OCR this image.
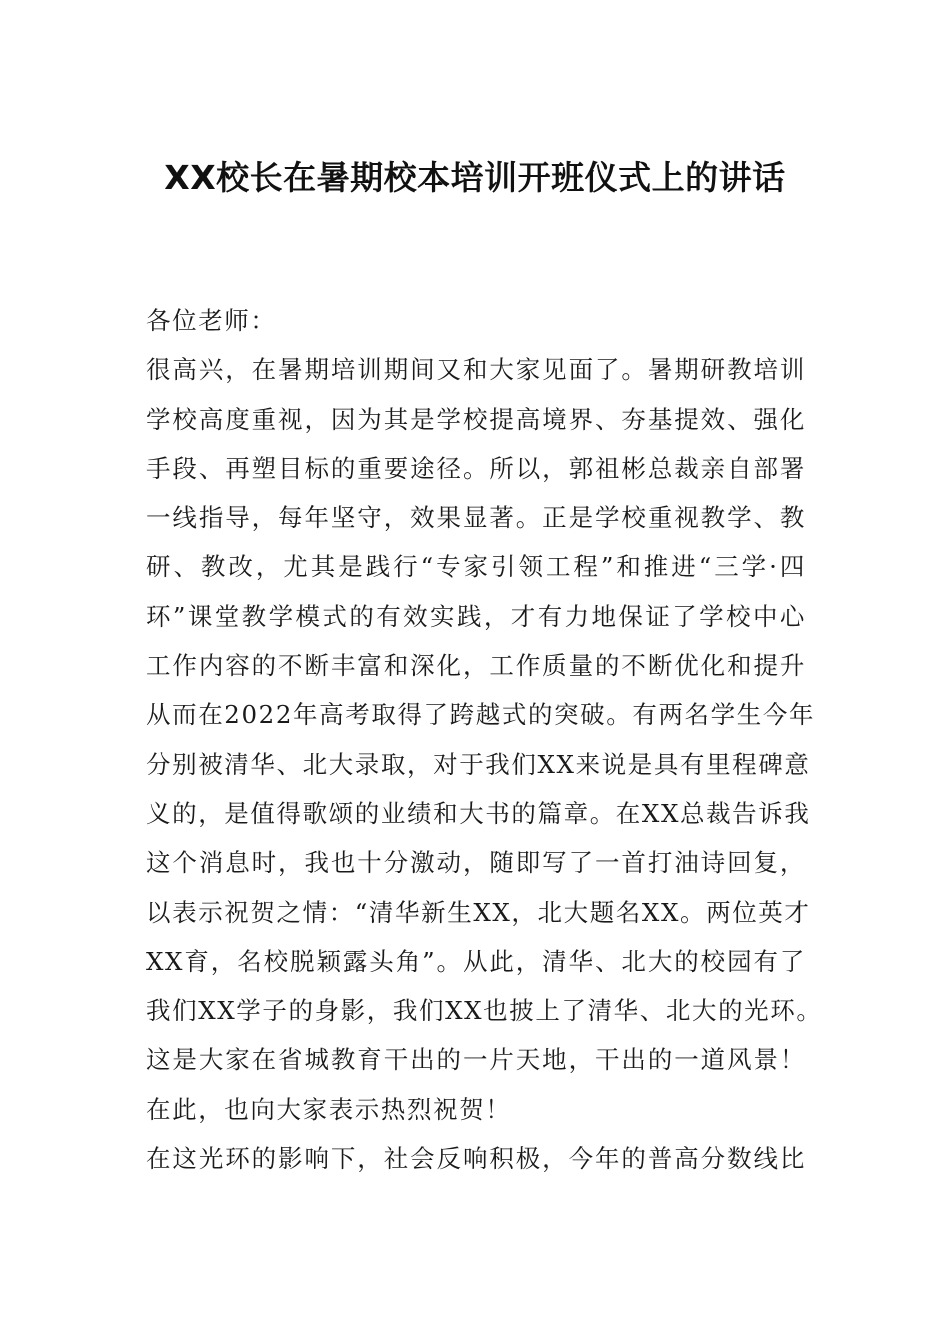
XX校长在暑期校本培训开班仪式上的讲话
各位老师：
很高兴，在暑期培训期间又和大家见面了。暑期研教培训
学校高度重视，因为其是学校提高境界、夯基提效、强化
手段、再塑目标的重要途径。所以，郭祖彬总裁亲自部署
一线指导，每年坚守，效果显著。正是学校重视教学、教
研、教改，尤其是践行“专家引领工程”和推进“三学·四
环”课堂教学模式的有效实践，才有力地保证了学校中心
工作内容的不断丰富和深化，工作质量的不断优化和提升
从而在2022年高考取得了跨越式的突破。有两名学生今年
分别被清华、北大录取，对于我们XX来说是具有里程碑意
义的，是值得歌颂的业绩和大书的篇章。在XX总裁告诉我
这个消息时，我也十分激动，随即写了一首打油诗回复，
以表示祝贺之情：“清华新生XX，北大题名XX。两位英才
XX育，名校脱颖露头角”。从此，清华、北大的校园有了
我们XX学子的身影，我们XX也披上了清华、北大的光环。
这是大家在省城教育干出的一片天地，干出的一道风景！
在此，也向大家表示热烈祝贺！
在这光环的影响下，社会反响积极，今年的普高分数线比
